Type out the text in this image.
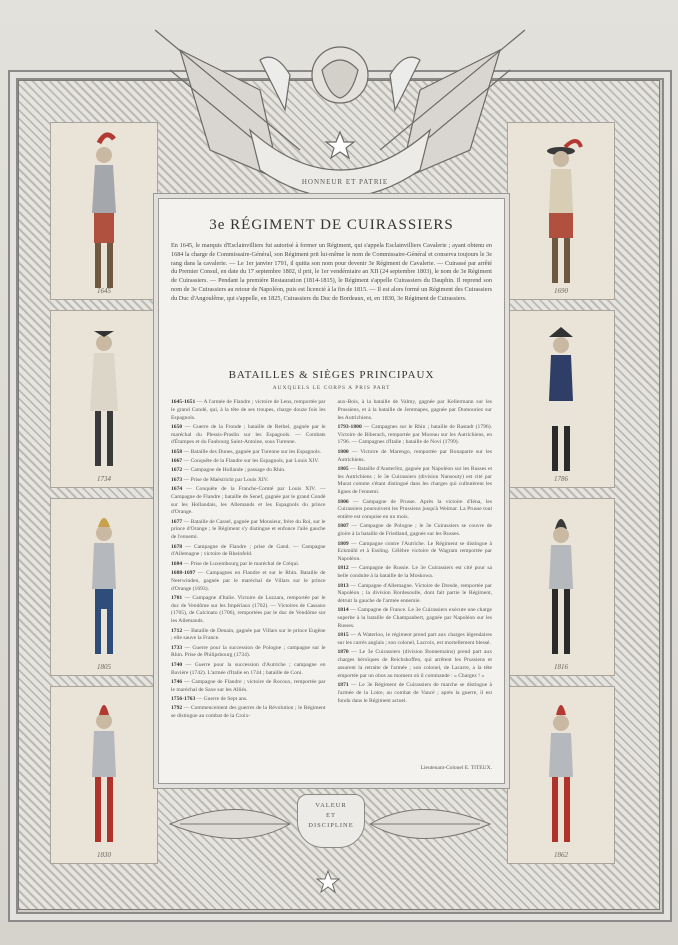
HONNEUR ET PATRIE
1645
1734
1805
1830
1690
1786
1816
1862
3e RÉGIMENT DE CUIRASSIERS
En 1645, le marquis d'Esclainvilliers fut autorisé à former un Régiment, qui s'appela Esclainvilliers Cavalerie ; ayant obtenu en 1684 la charge de Commissaire-Général, son Régiment prit lui-même le nom de Commissaire-Général et conserva toujours le 3e rang dans la cavalerie. — Le 1er janvier 1791, il quitta son nom pour devenir 3e Régiment de Cavalerie. — Cuirassé par arrêté du Premier Consul, en date du 17 septembre 1802, il prit, le 1er vendémiaire an XII (24 septembre 1803), le nom de 3e Régiment de Cuirassiers. — Pendant la première Restauration (1814-1815), le Régiment s'appelle Cuirassiers du Dauphin. Il reprend son nom de 3e Cuirassiers au retour de Napoléon, puis est licencié à la fin de 1815. — Il est alors formé un Régiment des Cuirassiers du Duc d'Angoulême, qui s'appelle, en 1825, Cuirassiers du Duc de Bordeaux, et, en 1830, 3e Régiment de Cuirassiers.
BATAILLES & SIÈGES PRINCIPAUX
AUXQUELS LE CORPS A PRIS PART
1645-1651 — A l'armée de Flandre ; victoire de Lens, remportée par le grand Condé, qui, à la tête de ses troupes, charge douze fois les Espagnols.
1650 — Guerre de la Fronde ; bataille de Rethel, gagnée par le maréchal du Plessis-Praslin sur les Espagnols. — Combats d'Étampes et du Faubourg Saint-Antoine, sous Turenne.
1658 — Bataille des Dunes, gagnée par Turenne sur les Espagnols.
1667 — Conquête de la Flandre sur les Espagnols, par Louis XIV.
1672 — Campagne de Hollande ; passage du Rhin.
1673 — Prise de Maëstricht par Louis XIV.
1674 — Conquête de la Franche-Comté par Louis XIV. — Campagne de Flandre ; bataille de Senef, gagnée par le grand Condé sur les Hollandais, les Allemands et les Espagnols du prince d'Orange.
1677 — Bataille de Cassel, gagnée par Monsieur, frère du Roi, sur le prince d'Orange ; le Régiment s'y distingue et enfonce l'aile gauche de l'ennemi.
1678 — Campagne de Flandre ; prise de Gand. — Campagne d'Allemagne ; victoire de Rheinfeld.
1684 — Prise de Luxembourg par le maréchal de Créqui.
1688-1697 — Campagnes en Flandre et sur le Rhin. Bataille de Neerwinden, gagnée par le maréchal de Villars sur le prince d'Orange (1693).
1701 — Campagne d'Italie. Victoire de Luzzara, remportée par le duc de Vendôme sur les Impériaux (1702). — Victoires de Cassano (1705), de Calcinato (1706), remportées par le duc de Vendôme sur les Allemands.
1712 — Bataille de Denain, gagnée par Villars sur le prince Eugène ; elle sauve la France.
1733 — Guerre pour la succession de Pologne ; campagne sur le Rhin. Prise de Philipsbourg (1734).
1740 — Guerre pour la succession d'Autriche ; campagne en Bavière (1742). L'armée d'Italie en 1744 ; bataille de Coni.
1746 — Campagne de Flandre ; victoire de Rocoux, remportée par le maréchal de Saxe sur les Alliés.
1756-1763 — Guerre de Sept ans.
1792 — Commencement des guerres de la Révolution ; le Régiment se distingue au combat de la Croix-
aux-Bois, à la bataille de Valmy, gagnée par Kellermann sur les Prussiens, et à la bataille de Jemmapes, gagnée par Dumouriez sur les Autrichiens.
1793-1800 — Campagnes sur le Rhin ; bataille de Rastadt (1796). Victoire de Biberach, remportée par Moreau sur les Autrichiens, en 1796. — Campagnes d'Italie ; bataille de Novi (1799).
1800 — Victoire de Marengo, remportée par Bonaparte sur les Autrichiens.
1805 — Bataille d'Austerlitz, gagnée par Napoléon sur les Russes et les Autrichiens ; le 3e Cuirassiers (division Nansouty) est cité par Murat comme s'étant distingué dans les charges qui culbutèrent les lignes de l'ennemi.
1806 — Campagne de Prusse. Après la victoire d'Iéna, les Cuirassiers poursuivent les Prussiens jusqu'à Weimar. La Prusse tout entière est conquise en un mois.
1807 — Campagne de Pologne ; le 3e Cuirassiers se couvre de gloire à la bataille de Friedland, gagnée sur les Russes.
1809 — Campagne contre l'Autriche. Le Régiment se distingue à Eckmühl et à Essling. Célèbre victoire de Wagram remportée par Napoléon.
1812 — Campagne de Russie. Le 3e Cuirassiers est cité pour sa belle conduite à la bataille de la Moskowa.
1813 — Campagne d'Allemagne. Victoire de Dresde, remportée par Napoléon ; la division Bordesoulle, dont fait partie le Régiment, détruit la gauche de l'armée ennemie.
1814 — Campagne de France. Le 3e Cuirassiers exécute une charge superbe à la bataille de Champaubert, gagnée par Napoléon sur les Russes.
1815 — A Waterloo, le régiment prend part aux charges légendaires sur les carrés anglais ; son colonel, Lacroix, est mortellement blessé.
1870 — Le 3e Cuirassiers (division Bonnemains) prend part aux charges héroïques de Reichshoffen, qui arrêtent les Prussiens et assurent la retraite de l'armée ; son colonel, de Lacarre, a la tête emportée par un obus au moment où il commande : « Chargez ! »
1871 — Le 3e Régiment de Cuirassiers de marche se distingue à l'armée de la Loire, au combat de Vancé ; après la guerre, il est fondu dans le Régiment actuel.
Lieutenant-Colonel E. TITEUX.
VALEUR
ET
DISCIPLINE
